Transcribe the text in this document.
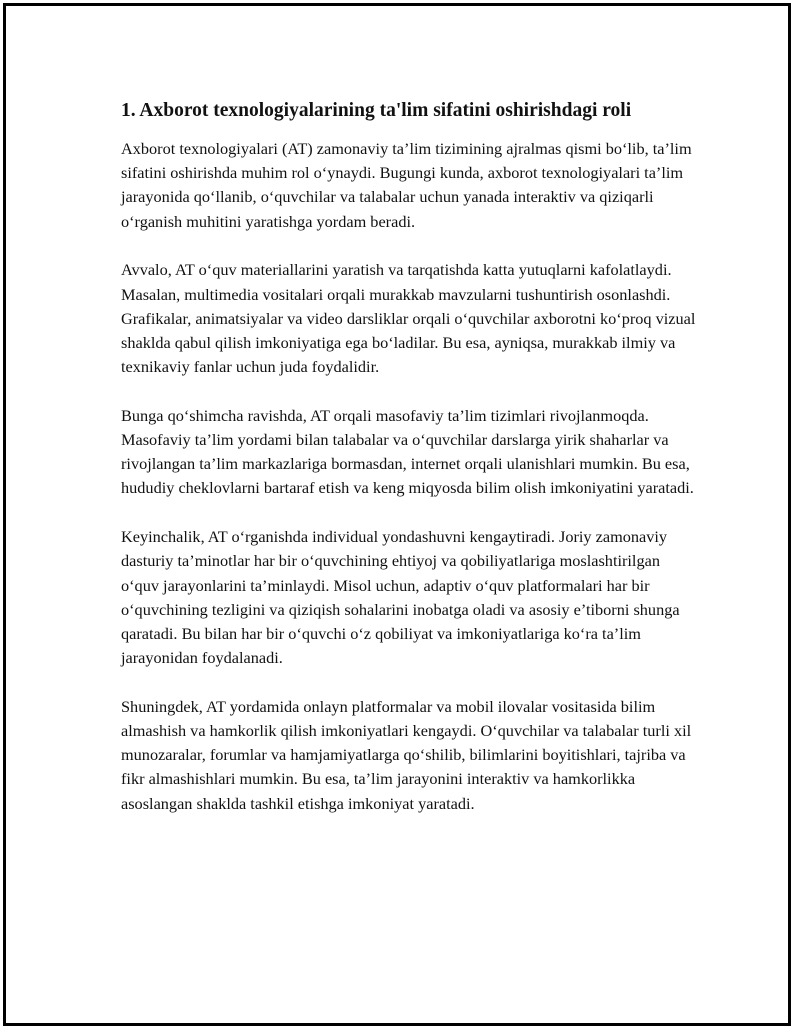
1. Axborot texnologiyalarining ta'lim sifatini oshirishdagi roli

Axborot texnologiyalari (AT) zamonaviy ta’lim tizimining ajralmas qismi bo‘lib, ta’lim sifatini oshirishda muhim rol o‘ynaydi. Bugungi kunda, axborot texnologiyalari ta’lim jarayonida qo‘llanib, o‘quvchilar va talabalar uchun yanada interaktiv va qiziqarli o‘rganish muhitini yaratishga yordam beradi.

Avvalo, AT o‘quv materiallarini yaratish va tarqatishda katta yutuqlarni kafolatlaydi. Masalan, multimedia vositalari orqali murakkab mavzularni tushuntirish osonlashdi. Grafikalar, animatsiyalar va video darsliklar orqali o‘quvchilar axborotni ko‘proq vizual shaklda qabul qilish imkoniyatiga ega bo‘ladilar. Bu esa, ayniqsa, murakkab ilmiy va texnikaviy fanlar uchun juda foydalidir.

Bunga qo‘shimcha ravishda, AT orqali masofaviy ta’lim tizimlari rivojlanmoqda. Masofaviy ta’lim yordami bilan talabalar va o‘quvchilar darslarga yirik shaharlar va rivojlangan ta’lim markazlariga bormasdan, internet orqali ulanishlari mumkin. Bu esa, hududiy cheklovlarni bartaraf etish va keng miqyosda bilim olish imkoniyatini yaratadi.

Keyinchalik, AT o‘rganishda individual yondashuvni kengaytiradi. Joriy zamonaviy dasturiy ta’minotlar har bir o‘quvchining ehtiyoj va qobiliyatlariga moslashtirilgan o‘quv jarayonlarini ta’minlaydi. Misol uchun, adaptiv o‘quv platformalari har bir o‘quvchining tezligini va qiziqish sohalarini inobatga oladi va asosiy e’tiborni shunga qaratadi. Bu bilan har bir o‘quvchi o‘z qobiliyat va imkoniyatlariga ko‘ra ta’lim jarayonidan foydalanadi.

Shuningdek, AT yordamida onlayn platformalar va mobil ilovalar vositasida bilim almashish va hamkorlik qilish imkoniyatlari kengaydi. O‘quvchilar va talabalar turli xil munozaralar, forumlar va hamjamiyatlarga qo‘shilib, bilimlarini boyitishlari, tajriba va fikr almashishlari mumkin. Bu esa, ta’lim jarayonini interaktiv va hamkorlikka asoslangan shaklda tashkil etishga imkoniyat yaratadi.
